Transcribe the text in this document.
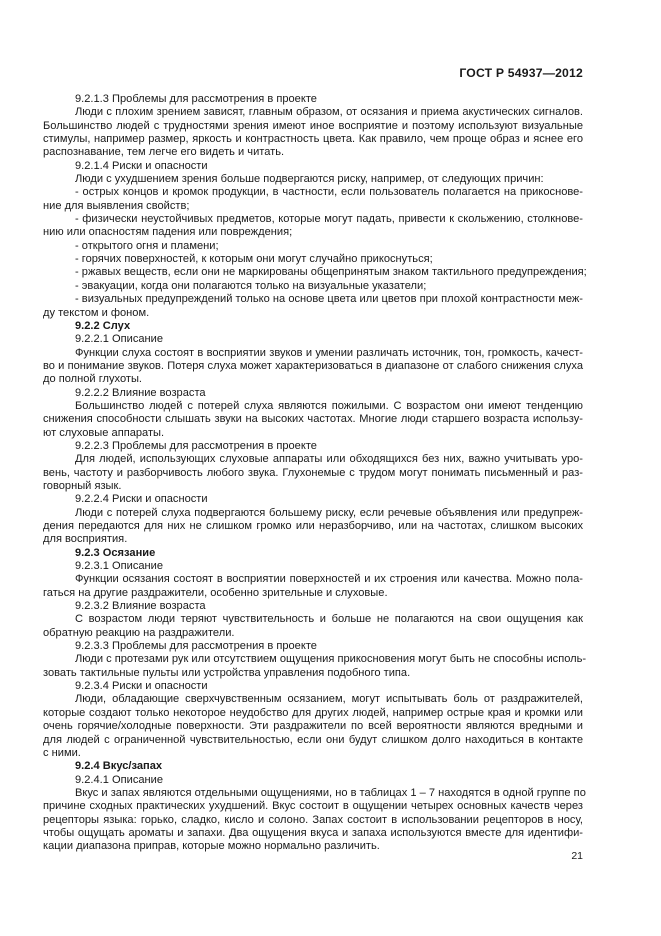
ГОСТ Р 54937—2012
9.2.1.3 Проблемы для рассмотрения в проекте
Люди с плохим зрением зависят, главным образом, от осязания и приема акустических сигналов.
Большинство людей с трудностями зрения имеют иное восприятие и поэтому используют визуальные
стимулы, например размер, яркость и контрастность цвета. Как правило, чем проще образ и яснее его
распознавание, тем легче его видеть и читать.
9.2.1.4 Риски и опасности
Люди с ухудшением зрения больше подвергаются риску, например, от следующих причин:
- острых концов и кромок продукции, в частности, если пользователь полагается на прикоснове-
ние для выявления свойств;
- физически неустойчивых предметов, которые могут падать, привести к скольжению, столкнове-
нию или опасностям падения или повреждения;
- открытого огня и пламени;
- горячих поверхностей, к которым они могут случайно прикоснуться;
- ржавых веществ, если они не маркированы общепринятым знаком тактильного предупреждения;
- эвакуации, когда они полагаются только на визуальные указатели;
- визуальных предупреждений только на основе цвета или цветов при плохой контрастности меж-
ду текстом и фоном.
9.2.2 Слух
9.2.2.1 Описание
Функции слуха состоят в восприятии звуков и умении различать источник, тон, громкость, качест-
во и понимание звуков. Потеря слуха может характеризоваться в диапазоне от слабого снижения слуха
до полной глухоты.
9.2.2.2 Влияние возраста
Большинство людей с потерей слуха являются пожилыми. С возрастом они имеют тенденцию
снижения способности слышать звуки на высоких частотах. Многие люди старшего возраста использу-
ют слуховые аппараты.
9.2.2.3 Проблемы для рассмотрения в проекте
Для людей, использующих слуховые аппараты или обходящихся без них, важно учитывать уро-
вень, частоту и разборчивость любого звука. Глухонемые с трудом могут понимать письменный и раз-
говорный язык.
9.2.2.4 Риски и опасности
Люди с потерей слуха подвергаются большему риску, если речевые объявления или предупреж-
дения передаются для них не слишком громко или неразборчиво, или на частотах, слишком высоких
для восприятия.
9.2.3 Осязание
9.2.3.1 Описание
Функции осязания состоят в восприятии поверхностей и их строения или качества. Можно пола-
гаться на другие раздражители, особенно зрительные и слуховые.
9.2.3.2 Влияние возраста
С возрастом люди теряют чувствительность и больше не полагаются на свои ощущения как
обратную реакцию на раздражители.
9.2.3.3 Проблемы для рассмотрения в проекте
Люди с протезами рук или отсутствием ощущения прикосновения могут быть не способны исполь-
зовать тактильные пульты или устройства управления подобного типа.
9.2.3.4 Риски и опасности
Люди, обладающие сверхчувственным осязанием, могут испытывать боль от раздражителей,
которые создают только некоторое неудобство для других людей, например острые края и кромки или
очень горячие/холодные поверхности. Эти раздражители по всей вероятности являются вредными и
для людей с ограниченной чувствительностью, если они будут слишком долго находиться в контакте
с ними.
9.2.4 Вкус/запах
9.2.4.1 Описание
Вкус и запах являются отдельными ощущениями, но в таблицах 1 – 7 находятся в одной группе по
причине сходных практических ухудшений. Вкус состоит в ощущении четырех основных качеств через
рецепторы языка: горько, сладко, кисло и солоно. Запах состоит в использовании рецепторов в носу,
чтобы ощущать ароматы и запахи. Два ощущения вкуса и запаха используются вместе для идентифи-
кации диапазона приправ, которые можно нормально различить.
21
